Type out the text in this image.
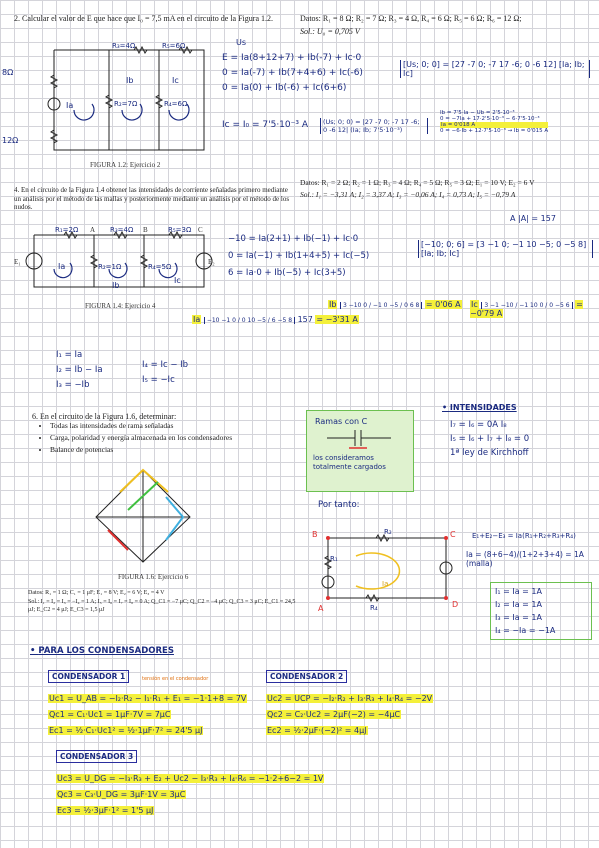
2. Calcular el valor de E que hace que I₀ = 7,5 mA en el circuito de la Figura 1.2.	Datos: R₁ = 8 Ω; R₂ = 7 Ω; R₃ = 4 Ω, R₄ = 6 Ω; R₅ = 6 Ω; R₆ = 12 Ω;
Sol.: U₀ = 0,705 V
8Ω
12Ω
R₃=4Ω	R₅=6Ω
R₂=7Ω	R₄=6Ω
Ia
Ib	Ic
FIGURA 1.2: Ejercicio 2
Us
E = Ia(8+12+7) + Ib(-7) + Ic·0
0 = Ia(-7) + Ib(7+4+6) + Ic(-6)
0 = Ia(0) + Ib(-6) + Ic(6+6)
[Us; 0; 0] = [27 -7 0; -7 17 -6; 0 -6 12] [Ia; Ib; Ic]
Ic = I₀ = 7'5·10⁻³ A	(Us; 0; 0) = |27 -7 0; -7 17 -6; 0 -6 12| (Ia; Ib; 7'5·10⁻³)
Ib = 7'5·Ia − Ub = 2'5·10⁻³
0 = −7Ia + 17·2'5·10⁻³ − 6·7'5·10⁻³
Ia = 0'018 A
0 = −6·Ib + 12·7'5·10⁻³ → Ib = 0'015 A
Datos: R₁ = 2 Ω; R₂ = 1 Ω; R₃ = 4 Ω; R₄ = 5 Ω; R₅ = 3 Ω; E₁ = 10 V; E₂ = 6 V
Sol.: I₁ = −3,31 A; I₂ = 3,37 A; I₃ = −0,06 A; I₄ = 0,73 A; I₅ = −0,79 A
4. En el circuito de la Figura 1.4 obtener las intensidades de corriente señaladas primero mediante un análisis por el método de las mallas y posteriormente mediante un análisis por el método de los nudos.
R₁=2Ω	R₃=4Ω	R₅=3Ω
R₂=1Ω	R₄=5Ω
Ia
Ib
Ic
E₁	E₂
A	B	C
FIGURA 1.4: Ejercicio 4
A |A| = 157
−10 = Ia(2+1) + Ib(−1) + Ic·0
0 = Ia(−1) + Ib(1+4+5) + Ic(−5)
6 = Ia·0 + Ib(−5) + Ic(3+5)
[−10; 0; 6] = [3 −1 0; −1 10 −5; 0 −5 8] [Ia; Ib; Ic]
Ia −10 −1 0 / 0 10 −5 / 6 −5 8 157 = −3'31 A
Ib 3 −10 0 / −1 0 −5 / 0 6 8 = 0'06 A Ic 3 −1 −10 / −1 10 0 / 0 −5 6 = −0'79 A
I₁ = Ia
I₂ = Ib − Ia
I₃ = −Ib
I₄ = Ic − Ib
I₅ = −Ic
6. En el circuito de la Figura 1.6, determinar:
• Todas las intensidades de rama señaladas
• Carga, polaridad y energía almacenada en los condensadores
• Balance de potencias
FIGURA 1.6: Ejercicio 6
Datos: R₁ = 1 Ω; C₁ = 1 μF; E₁ = 8 V; E₂ = 6 V; E₃ = 4 V
Sol.: I₁ = I₂ = I₃ = −I₄ = 1 A; I₅ = I₆ = I₇ = I₈ = 0 A; Q_C1 = −7 μC; Q_C2 = −4 μC; Q_C3 = 3 μC; E_C1 = 24,5 μJ; E_C2 = 4 μJ; E_C3 = 1,5 μJ
Ramas con C
los consideramos totalmente cargados
• INTENSIDADES
I₇ = I₆ = 0A I₈
I₅ = I₆ + I₇ + I₈ = 0
1ª ley de Kirchhoff
Por tanto:
R₂
R₁
R₄
Ia
B	C
A	D
E₁+E₂−E₃ = Ia(R₁+R₂+R₃+R₄)
Ia = (8+6−4)/(1+2+3+4) = 1A (malla)
I₁ = Ia = 1A
I₂ = Ia = 1A
I₃ = Ia = 1A
I₄ = −Ia = −1A
• PARA LOS CONDENSADORES
CONDENSADOR 1	tensión en el condensador
Uc1 = U_AB = −I₂·R₂ − I₁·R₁ + E₁ = −1·1+8 = 7V
Qc1 = C₁·Uc1 = 1μF·7V = 7μC
Ec1 = ½·C₁·Uc1² = ½·1μF·7² = 24'5 μJ
CONDENSADOR 2
Uc2 = UCP = −I₂·R₂ + I₃·R₃ + I₄·R₄ = −2V
Qc2 = C₂·Uc2 = 2μF(−2) = −4μC
Ec2 = ½·2μF·(−2)² = 4μJ
CONDENSADOR 3
Uc3 = U_DG = −I₃·R₃ + E₂ + Uc2 − I₃·R₃ + I₄·R₆ = −1·2+6−2 = 1V
Qc3 = C₃·U_DG = 3μF·1V = 3μC
Ec3 = ½·3μF·1² = 1'5 μJ
